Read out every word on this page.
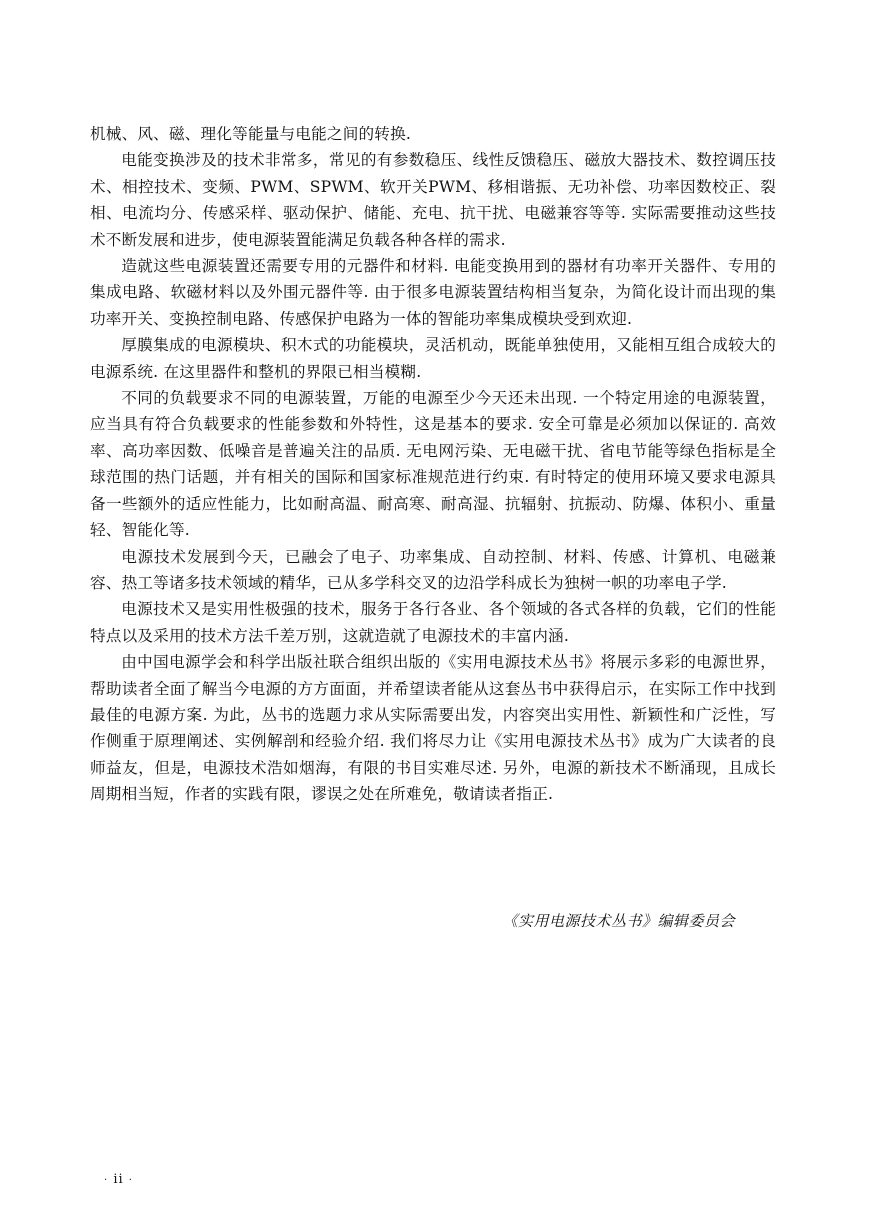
机械、风、磁、理化等能量与电能之间的转换.

电能变换涉及的技术非常多，常见的有参数稳压、线性反馈稳压、磁放大器技术、数控调压技术、相控技术、变频、PWM、SPWM、软开关PWM、移相谐振、无功补偿、功率因数校正、裂相、电流均分、传感采样、驱动保护、储能、充电、抗干扰、电磁兼容等等. 实际需要推动这些技术不断发展和进步，使电源装置能满足负载各种各样的需求.

造就这些电源装置还需要专用的元器件和材料. 电能变换用到的器材有功率开关器件、专用的集成电路、软磁材料以及外围元器件等. 由于很多电源装置结构相当复杂，为简化设计而出现的集功率开关、变换控制电路、传感保护电路为一体的智能功率集成模块受到欢迎.

厚膜集成的电源模块、积木式的功能模块，灵活机动，既能单独使用，又能相互组合成较大的电源系统. 在这里器件和整机的界限已相当模糊.

不同的负载要求不同的电源装置，万能的电源至少今天还未出现. 一个特定用途的电源装置，应当具有符合负载要求的性能参数和外特性，这是基本的要求. 安全可靠是必须加以保证的. 高效率、高功率因数、低噪音是普遍关注的品质. 无电网污染、无电磁干扰、省电节能等绿色指标是全球范围的热门话题，并有相关的国际和国家标准规范进行约束. 有时特定的使用环境又要求电源具备一些额外的适应性能力，比如耐高温、耐高寒、耐高湿、抗辐射、抗振动、防爆、体积小、重量轻、智能化等.

电源技术发展到今天，已融会了电子、功率集成、自动控制、材料、传感、计算机、电磁兼容、热工等诸多技术领域的精华，已从多学科交叉的边沿学科成长为独树一帜的功率电子学.

电源技术又是实用性极强的技术，服务于各行各业、各个领域的各式各样的负载，它们的性能特点以及采用的技术方法千差万别，这就造就了电源技术的丰富内涵.

由中国电源学会和科学出版社联合组织出版的《实用电源技术丛书》将展示多彩的电源世界，帮助读者全面了解当今电源的方方面面，并希望读者能从这套丛书中获得启示，在实际工作中找到最佳的电源方案. 为此，丛书的选题力求从实际需要出发，内容突出实用性、新颖性和广泛性，写作侧重于原理阐述、实例解剖和经验介绍. 我们将尽力让《实用电源技术丛书》成为广大读者的良师益友，但是，电源技术浩如烟海，有限的书目实难尽述. 另外，电源的新技术不断涌现，且成长周期相当短，作者的实践有限，谬误之处在所难免，敬请读者指正.

《实用电源技术丛书》编辑委员会
· ii ·
